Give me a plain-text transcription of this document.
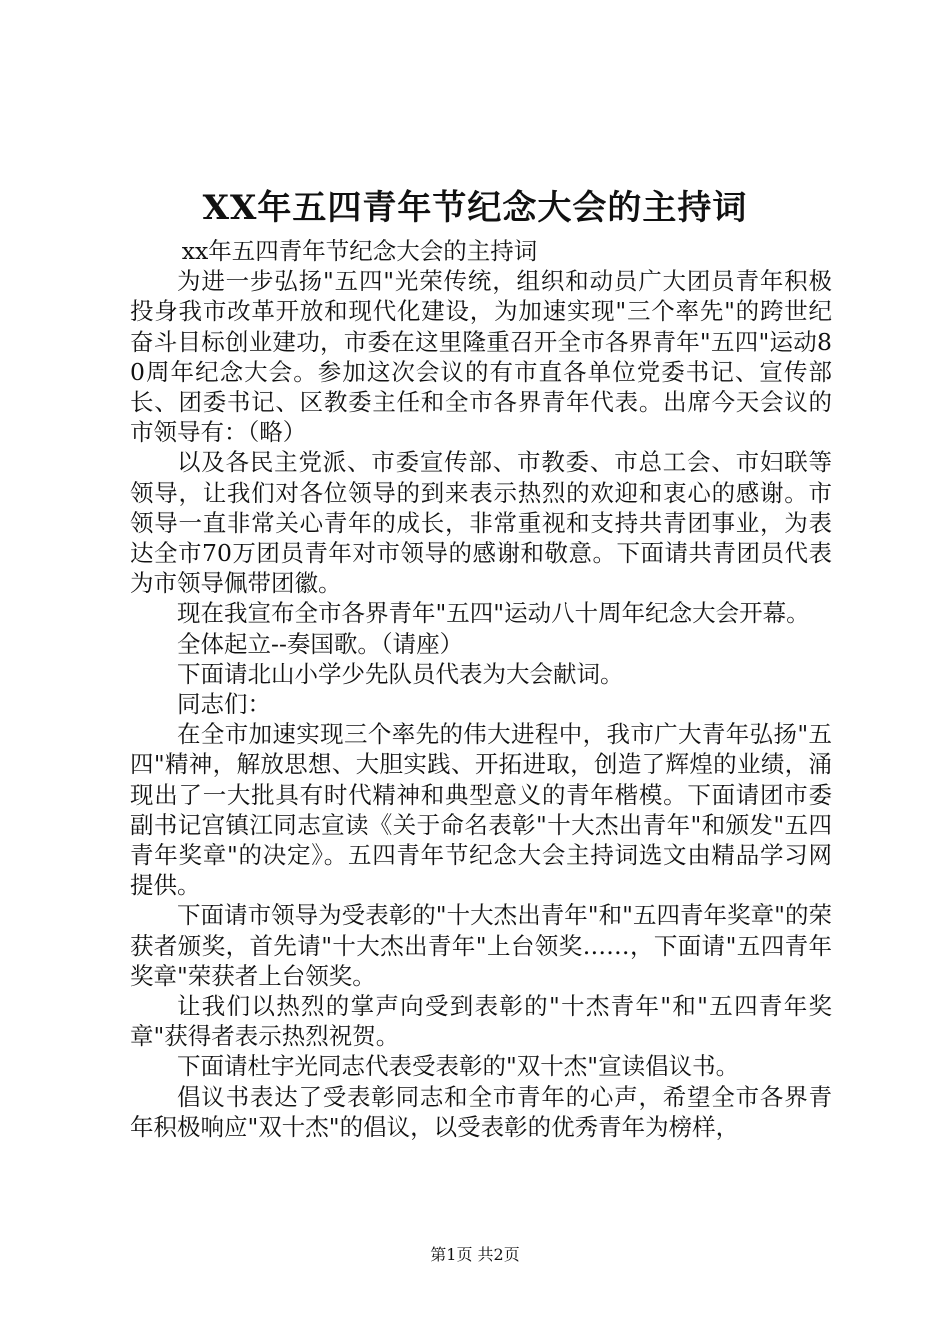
XX年五四青年节纪念大会的主持词

xx年五四青年节纪念大会的主持词

为进一步弘扬"五四"光荣传统，组织和动员广大团员青年积极投身我市改革开放和现代化建设，为加速实现"三个率先"的跨世纪奋斗目标创业建功，市委在这里隆重召开全市各界青年"五四"运动80周年纪念大会。参加这次会议的有市直各单位党委书记、宣传部长、团委书记、区教委主任和全市各界青年代表。出席今天会议的市领导有：（略）

以及各民主党派、市委宣传部、市教委、市总工会、市妇联等领导，让我们对各位领导的到来表示热烈的欢迎和衷心的感谢。市领导一直非常关心青年的成长，非常重视和支持共青团事业，为表达全市70万团员青年对市领导的感谢和敬意。下面请共青团员代表为市领导佩带团徽。

现在我宣布全市各界青年"五四"运动八十周年纪念大会开幕。

全体起立--奏国歌。（请座）

下面请北山小学少先队员代表为大会献词。

同志们：

在全市加速实现三个率先的伟大进程中，我市广大青年弘扬"五四"精神，解放思想、大胆实践、开拓进取，创造了辉煌的业绩，涌现出了一大批具有时代精神和典型意义的青年楷模。下面请团市委副书记宫镇江同志宣读《关于命名表彰"十大杰出青年"和颁发"五四青年奖章"的决定》。五四青年节纪念大会主持词选文由精品学习网提供。

下面请市领导为受表彰的"十大杰出青年"和"五四青年奖章"的荣获者颁奖，首先请"十大杰出青年"上台领奖……，下面请"五四青年奖章"荣获者上台领奖。

让我们以热烈的掌声向受到表彰的"十杰青年"和"五四青年奖章"获得者表示热烈祝贺。

下面请杜宇光同志代表受表彰的"双十杰"宣读倡议书。

倡议书表达了受表彰同志和全市青年的心声，希望全市各界青年积极响应"双十杰"的倡议，以受表彰的优秀青年为榜样，

第1页 共2页
